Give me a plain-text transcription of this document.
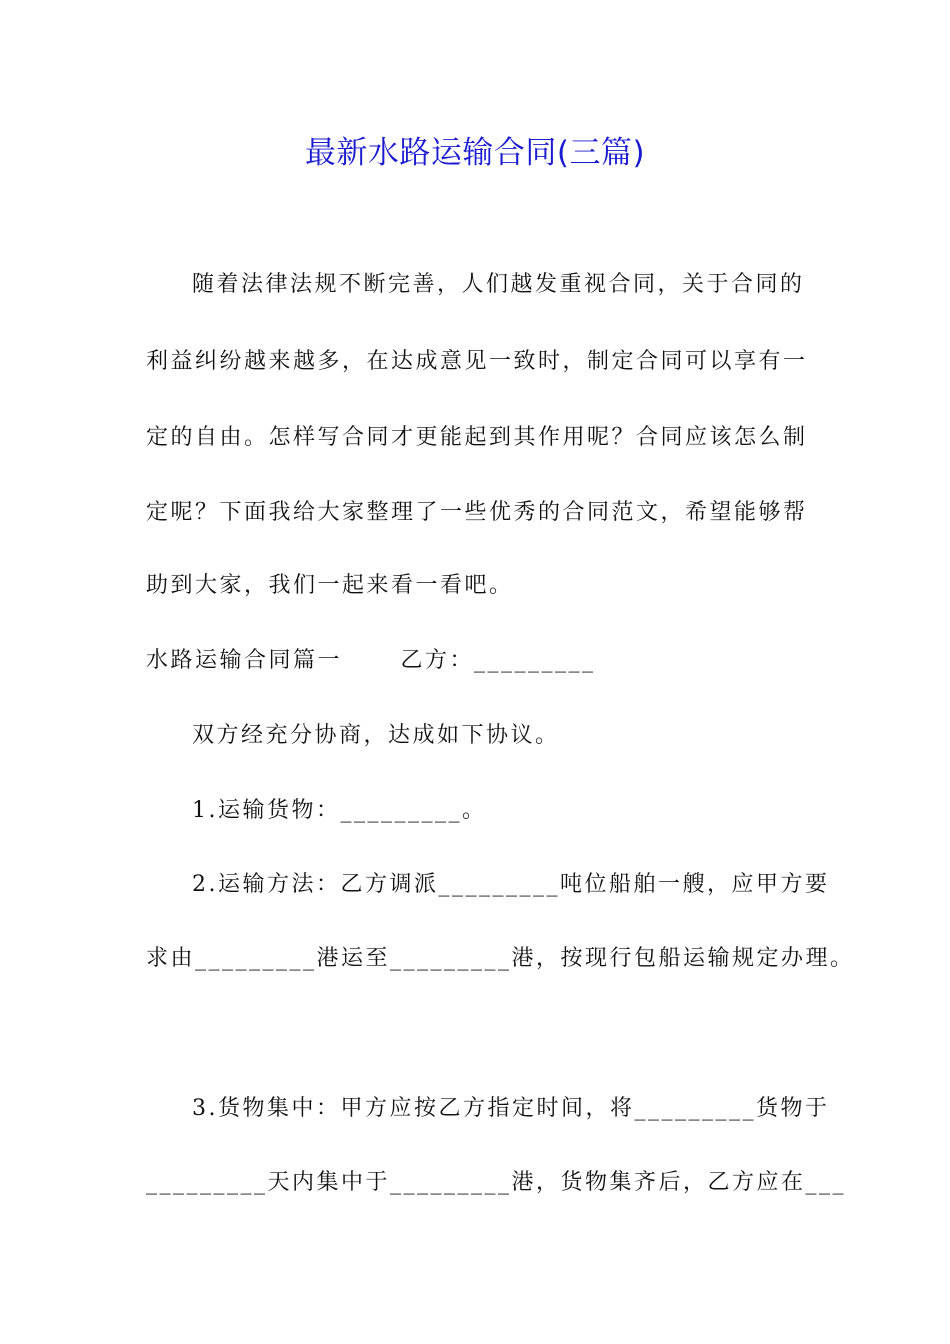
最新水路运输合同(三篇)
随着法律法规不断完善，人们越发重视合同，关于合同的
利益纠纷越来越多，在达成意见一致时，制定合同可以享有一
定的自由。怎样写合同才更能起到其作用呢？合同应该怎么制
定呢？下面我给大家整理了一些优秀的合同范文，希望能够帮
助到大家，我们一起来看一看吧。
水路运输合同篇一　　 乙方：_________
双方经充分协商，达成如下协议。
1.运输货物：_________。
2.运输方法：乙方调派_________吨位船舶一艘，应甲方要
求由_________港运至_________港，按现行包船运输规定办理。
3.货物集中：甲方应按乙方指定时间，将_________货物于
_________天内集中于_________港，货物集齐后，乙方应在___
